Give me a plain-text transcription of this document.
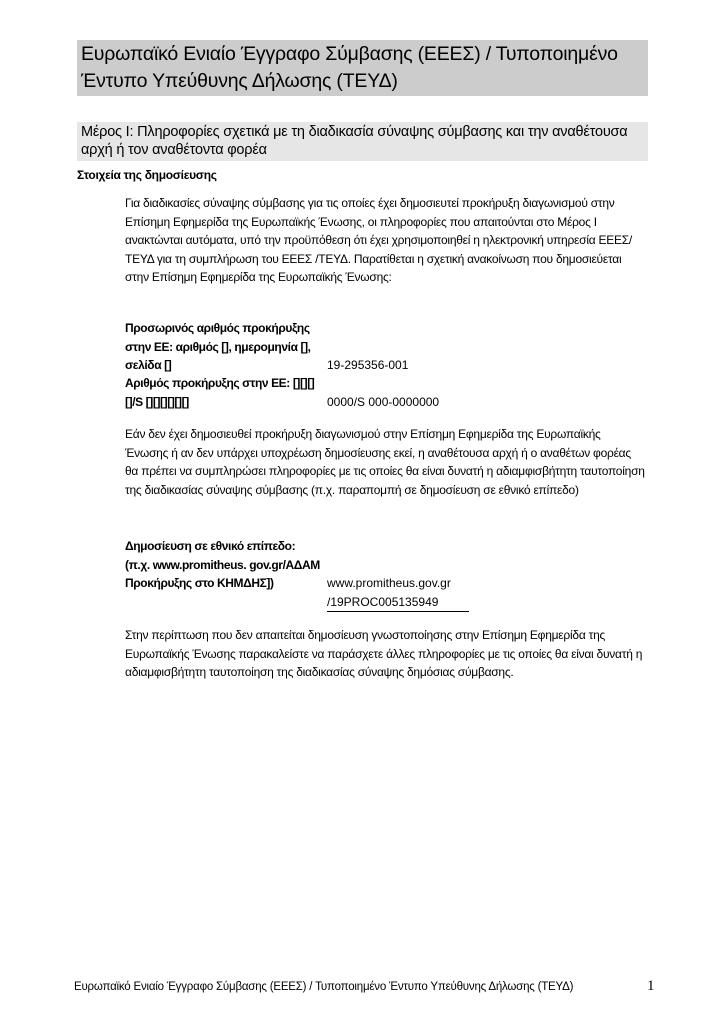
Ευρωπαϊκό Ενιαίο Έγγραφο Σύμβασης (ΕΕΕΣ) / Τυποποιημένο Έντυπο Υπεύθυνης Δήλωσης (ΤΕΥΔ)
Μέρος Ι: Πληροφορίες σχετικά με τη διαδικασία σύναψης σύμβασης και την αναθέτουσα αρχή ή τον αναθέτοντα φορέα

Στοιχεία της δημοσίευσης

Για διαδικασίες σύναψης σύμβασης για τις οποίες έχει δημοσιευτεί προκήρυξη διαγωνισμού στην Επίσημη Εφημερίδα της Ευρωπαϊκής Ένωσης, οι πληροφορίες που απαιτούνται στο Μέρος Ι ανακτώνται αυτόματα, υπό την προϋπόθεση ότι έχει χρησιμοποιηθεί η ηλεκτρονική υπηρεσία ΕΕΕΣ/ΤΕΥΔ για τη συμπλήρωση του ΕΕΕΣ /ΤΕΥΔ. Παρατίθεται η σχετική ανακοίνωση που δημοσιεύεται στην Επίσημη Εφημερίδα της Ευρωπαϊκής Ένωσης:

Προσωρινός αριθμός προκήρυξης στην ΕΕ: αριθμός [], ημερομηνία [], σελίδα []	19-295356-001

Αριθμός προκήρυξης στην ΕΕ: [][][][]/S [][][][][][]	0000/S 000-0000000

Εάν δεν έχει δημοσιευθεί προκήρυξη διαγωνισμού στην Επίσημη Εφημερίδα της Ευρωπαϊκής Ένωσης ή αν δεν υπάρχει υποχρέωση δημοσίευσης εκεί, η αναθέτουσα αρχή ή ο αναθέτων φορέας θα πρέπει να συμπληρώσει πληροφορίες με τις οποίες θα είναι δυνατή η αδιαμφισβήτητη ταυτοποίηση της διαδικασίας σύναψης σύμβασης (π.χ. παραπομπή σε δημοσίευση σε εθνικό επίπεδο)

Δημοσίευση σε εθνικό επίπεδο: (π.χ. www.promitheus. gov.gr/ΑΔΑΜ Προκήρυξης στο ΚΗΜΔΗΣ])	www.promitheus.gov.gr
/19PROC005135949

Στην περίπτωση που δεν απαιτείται δημοσίευση γνωστοποίησης στην Επίσημη Εφημερίδα της Ευρωπαϊκής Ένωσης παρακαλείστε να παράσχετε άλλες πληροφορίες με τις οποίες θα είναι δυνατή η αδιαμφισβήτητη ταυτοποίηση της διαδικασίας σύναψης δημόσιας σύμβασης.

Ευρωπαϊκό Ενιαίο Έγγραφο Σύμβασης (ΕΕΕΣ) / Τυποποιημένο Έντυπο Υπεύθυνης Δήλωσης (ΤΕΥΔ)	1
